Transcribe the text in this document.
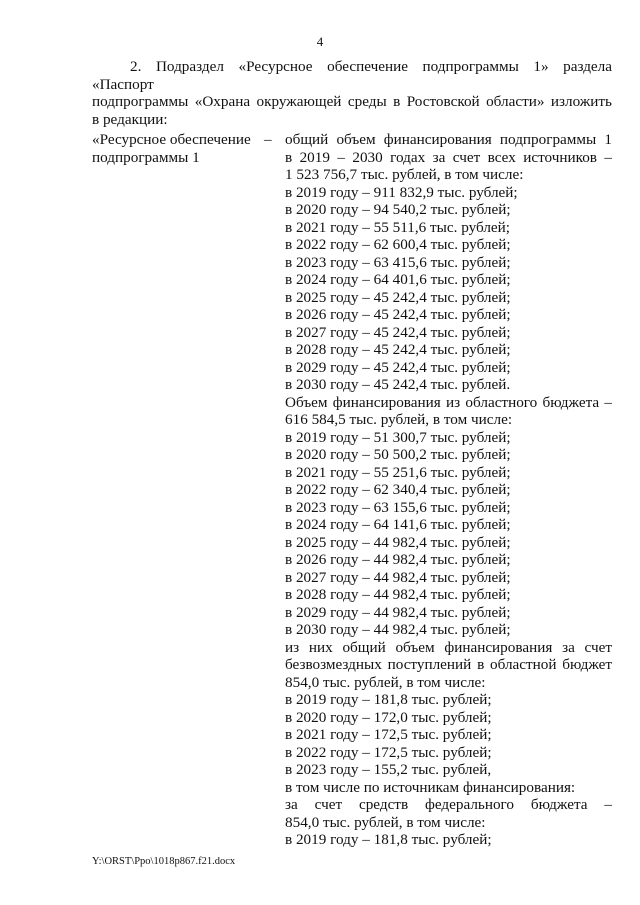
4
2. Подраздел «Ресурсное обеспечение подпрограммы 1» раздела «Паспорт
подпрограммы «Охрана окружающей среды в Ростовской области» изложить
в редакции:
«Ресурсное обеспечение
подпрограммы 1
– общий объем финансирования подпрограммы 1
в 2019 – 2030 годах за счет всех источников –
1 523 756,7 тыс. рублей, в том числе:
в 2019 году – 911 832,9 тыс. рублей;
в 2020 году – 94 540,2 тыс. рублей;
в 2021 году – 55 511,6 тыс. рублей;
в 2022 году – 62 600,4 тыс. рублей;
в 2023 году – 63 415,6 тыс. рублей;
в 2024 году – 64 401,6 тыс. рублей;
в 2025 году – 45 242,4 тыс. рублей;
в 2026 году – 45 242,4 тыс. рублей;
в 2027 году – 45 242,4 тыс. рублей;
в 2028 году – 45 242,4 тыс. рублей;
в 2029 году – 45 242,4 тыс. рублей;
в 2030 году – 45 242,4 тыс. рублей.
Объем финансирования из областного бюджета –
616 584,5 тыс. рублей, в том числе:
в 2019 году – 51 300,7 тыс. рублей;
в 2020 году – 50 500,2 тыс. рублей;
в 2021 году – 55 251,6 тыс. рублей;
в 2022 году – 62 340,4 тыс. рублей;
в 2023 году – 63 155,6 тыс. рублей;
в 2024 году – 64 141,6 тыс. рублей;
в 2025 году – 44 982,4 тыс. рублей;
в 2026 году – 44 982,4 тыс. рублей;
в 2027 году – 44 982,4 тыс. рублей;
в 2028 году – 44 982,4 тыс. рублей;
в 2029 году – 44 982,4 тыс. рублей;
в 2030 году – 44 982,4 тыс. рублей;
из них общий объем финансирования за счет
безвозмездных поступлений в областной бюджет
854,0 тыс. рублей, в том числе:
в 2019 году – 181,8 тыс. рублей;
в 2020 году – 172,0 тыс. рублей;
в 2021 году – 172,5 тыс. рублей;
в 2022 году – 172,5 тыс. рублей;
в 2023 году – 155,2 тыс. рублей,
в том числе по источникам финансирования:
за счет средств федерального бюджета –
854,0 тыс. рублей, в том числе:
в 2019 году – 181,8 тыс. рублей;
Y:\ORST\Ppo\1018p867.f21.docx
